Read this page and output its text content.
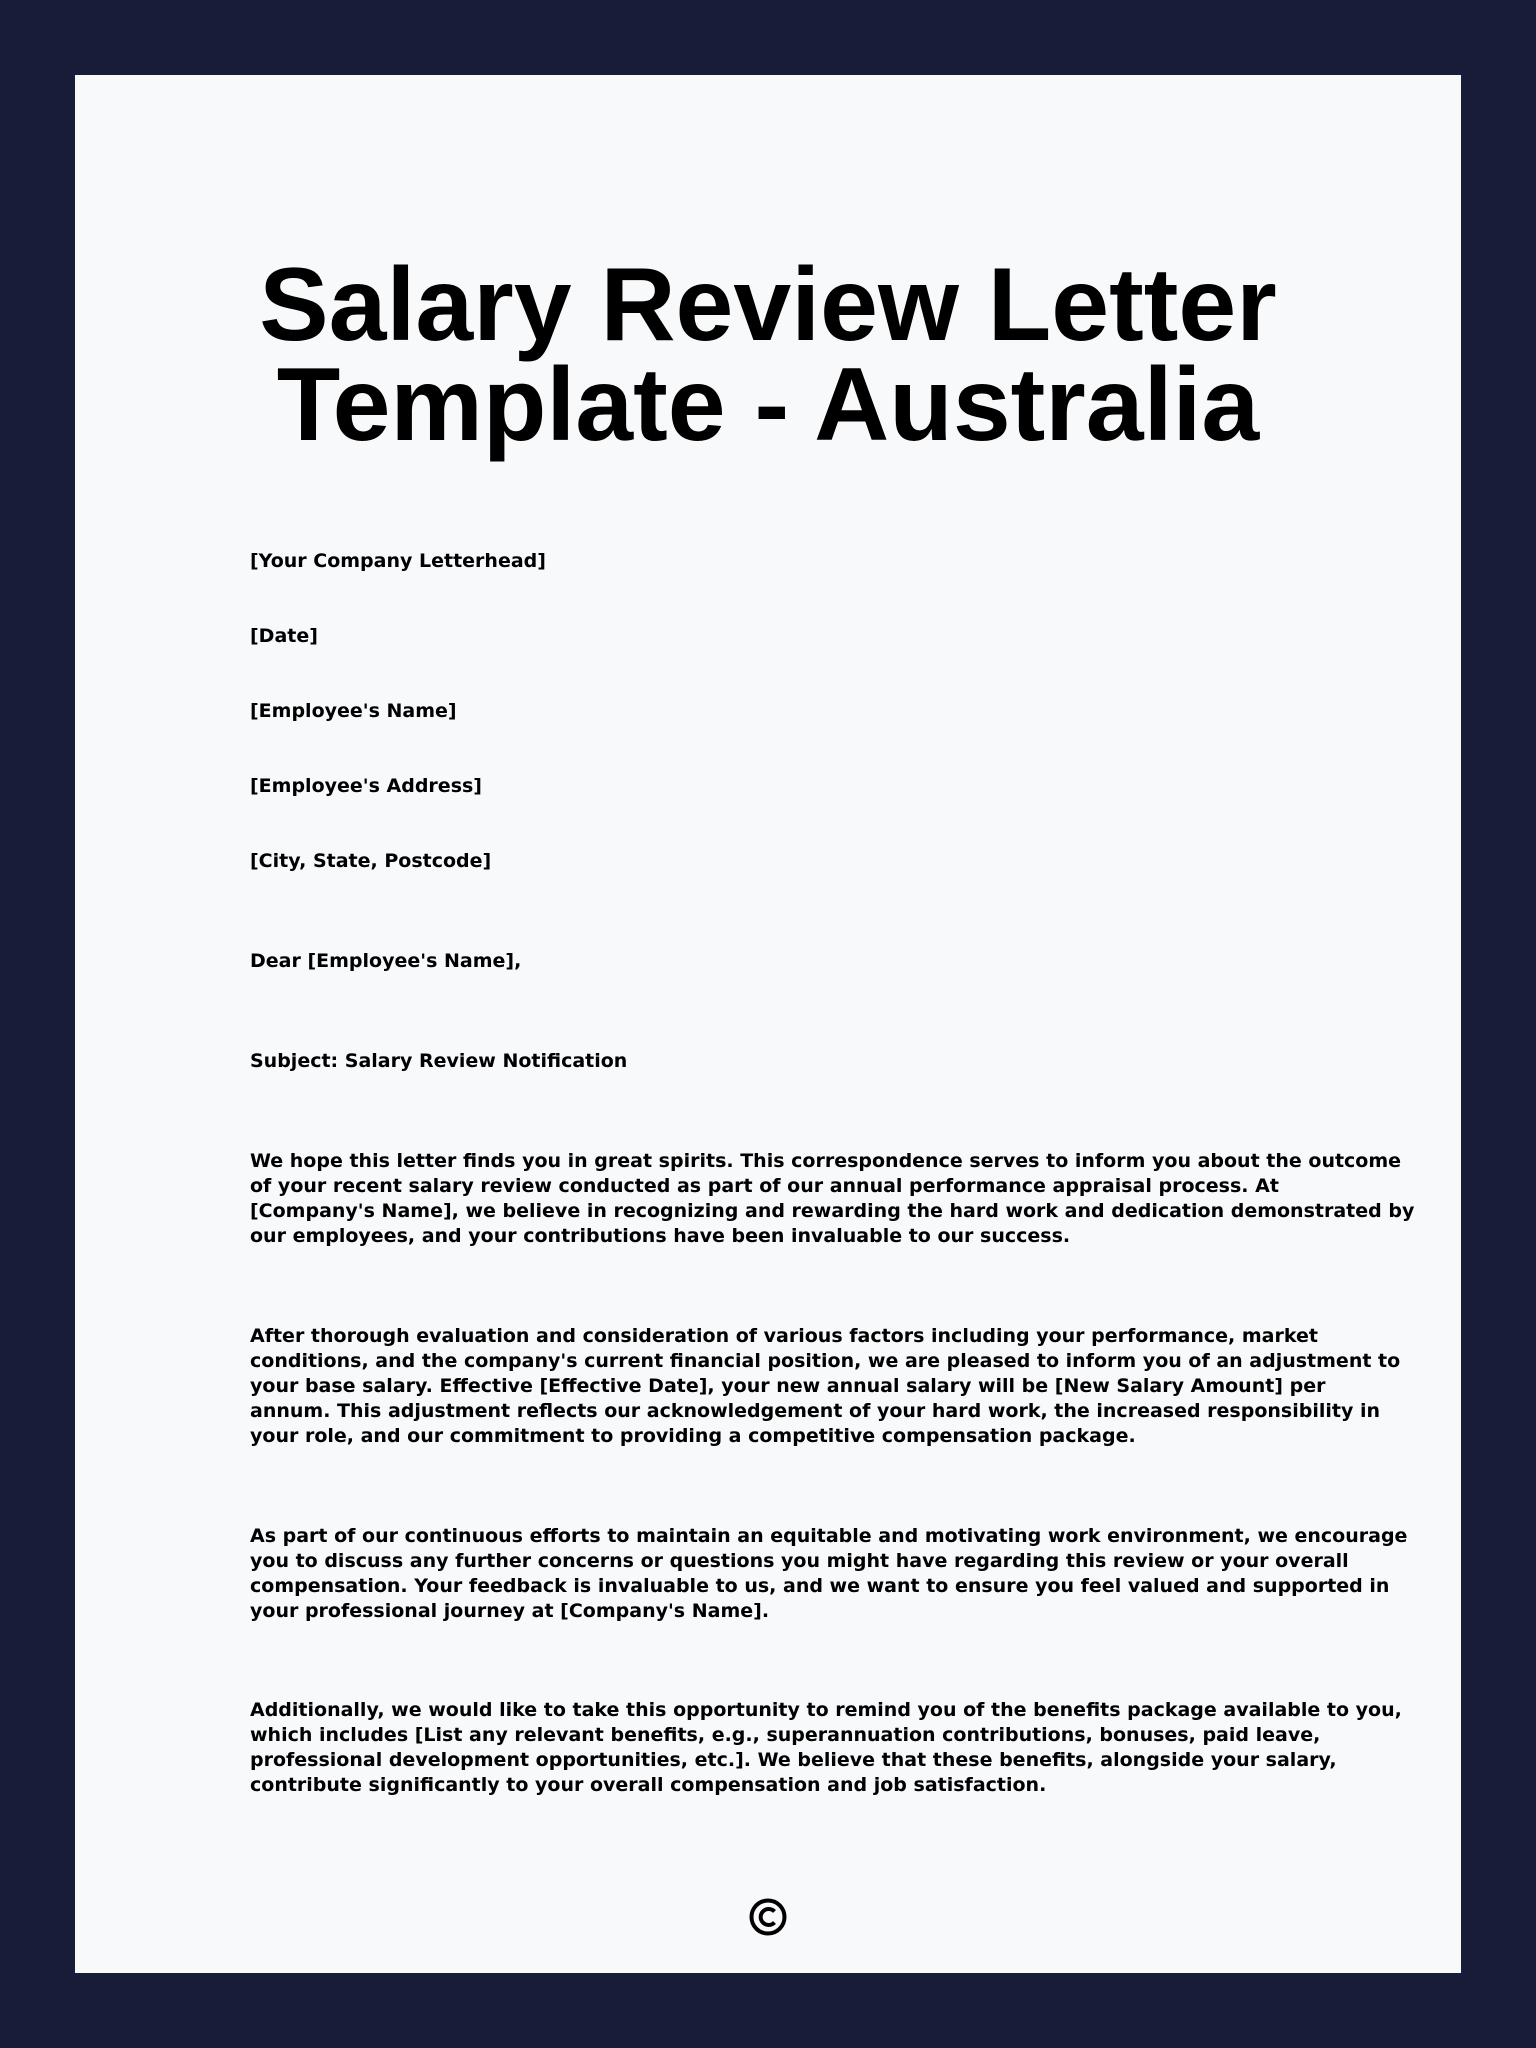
Salary Review Letter
Template - Australia

[Your Company Letterhead]

[Date]

[Employee's Name]

[Employee's Address]

[City, State, Postcode]

Dear [Employee's Name],

Subject: Salary Review Notification

We hope this letter finds you in great spirits. This correspondence serves to inform you about the outcome
of your recent salary review conducted as part of our annual performance appraisal process. At
[Company's Name], we believe in recognizing and rewarding the hard work and dedication demonstrated by
our employees, and your contributions have been invaluable to our success.
After thorough evaluation and consideration of various factors including your performance, market
conditions, and the company's current financial position, we are pleased to inform you of an adjustment to
your base salary. Effective [Effective Date], your new annual salary will be [New Salary Amount] per
annum. This adjustment reflects our acknowledgement of your hard work, the increased responsibility in
your role, and our commitment to providing a competitive compensation package.
As part of our continuous efforts to maintain an equitable and motivating work environment, we encourage
you to discuss any further concerns or questions you might have regarding this review or your overall
compensation. Your feedback is invaluable to us, and we want to ensure you feel valued and supported in
your professional journey at [Company's Name].
Additionally, we would like to take this opportunity to remind you of the benefits package available to you,
which includes [List any relevant benefits, e.g., superannuation contributions, bonuses, paid leave,
professional development opportunities, etc.]. We believe that these benefits, alongside your salary,
contribute significantly to your overall compensation and job satisfaction.
